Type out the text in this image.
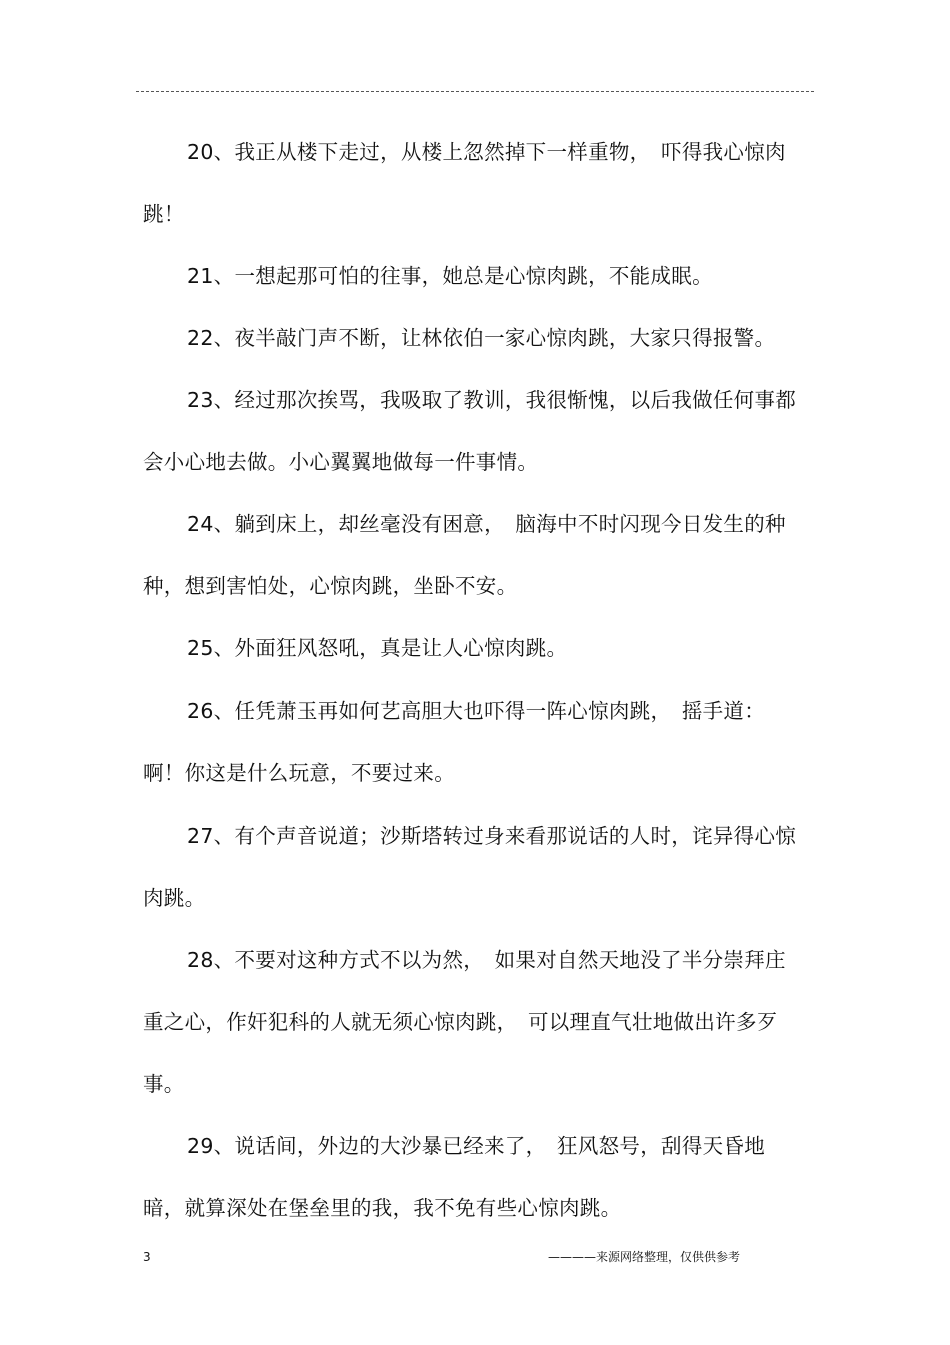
20、我正从楼下走过，从楼上忽然掉下一样重物，　吓得我心惊肉跳！

21、一想起那可怕的往事，她总是心惊肉跳，不能成眠。

22、夜半敲门声不断，让林依伯一家心惊肉跳，大家只得报警。

23、经过那次挨骂，我吸取了教训，我很惭愧，以后我做任何事都会小心地去做。小心翼翼地做每一件事情。

24、躺到床上，却丝毫没有困意，　脑海中不时闪现今日发生的种种，想到害怕处，心惊肉跳，坐卧不安。

25、外面狂风怒吼，真是让人心惊肉跳。

26、任凭萧玉再如何艺高胆大也吓得一阵心惊肉跳，　摇手道：啊！你这是什么玩意，不要过来。

27、有个声音说道；沙斯塔转过身来看那说话的人时，诧异得心惊肉跳。

28、不要对这种方式不以为然，　如果对自然天地没了半分崇拜庄重之心，作奸犯科的人就无须心惊肉跳，　可以理直气壮地做出许多歹事。

29、说话间，外边的大沙暴已经来了，　狂风怒号，刮得天昏地暗，就算深处在堡垒里的我，我不免有些心惊肉跳。

3	————来源网络整理，仅供供参考
